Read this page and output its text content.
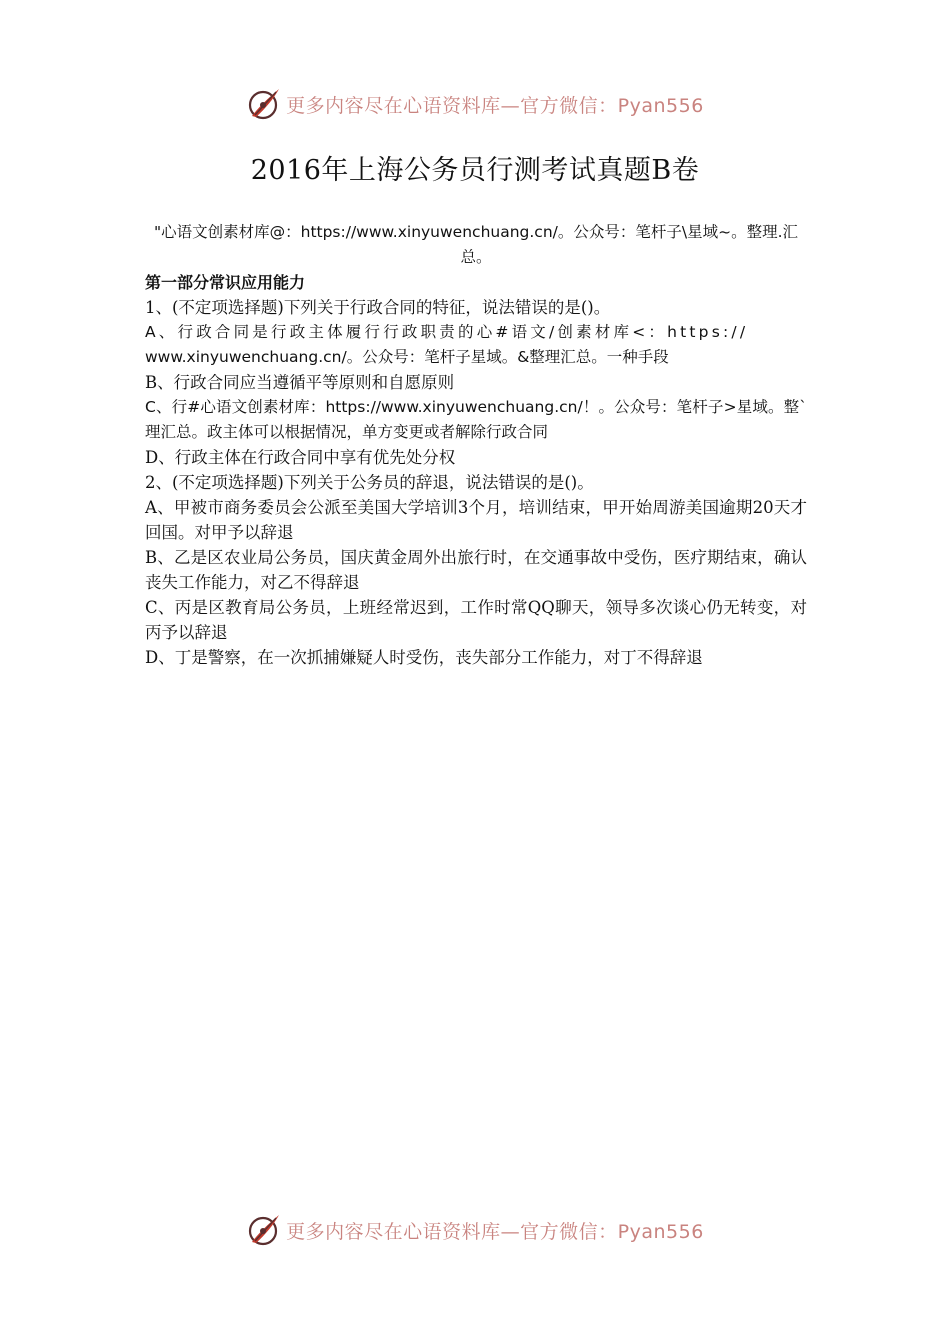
更多内容尽在心语资料库—官方微信：Pyan556
2016年上海公务员行测考试真题B卷

"心语文创素材库@：https://www.xinyuwenchuang.cn/。公众号：笔杆子\星域~。整理.汇总。

第一部分常识应用能力

1、(不定项选择题)下列关于行政合同的特征，说法错误的是()。

A、行政合同是行政主体履行行政职责的心#语文/创素材库<：https://

www.xinyuwenchuang.cn/。公众号：笔杆子星域。&整理汇总。一种手段

B、行政合同应当遵循平等原则和自愿原则

C、行#心语文创素材库：https://www.xinyuwenchuang.cn/！。公众号：笔杆子>星域。整`理汇总。政主体可以根据情况，单方变更或者解除行政合同

D、行政主体在行政合同中享有优先处分权

2、(不定项选择题)下列关于公务员的辞退，说法错误的是()。

A、甲被市商务委员会公派至美国大学培训3个月，培训结束，甲开始周游美国逾期20天才回国。对甲予以辞退

B、乙是区农业局公务员，国庆黄金周外出旅行时，在交通事故中受伤，医疗期结束，确认丧失工作能力，对乙不得辞退

C、丙是区教育局公务员，上班经常迟到，工作时常QQ聊天，领导多次谈心仍无转变，对丙予以辞退

D、丁是警察，在一次抓捕嫌疑人时受伤，丧失部分工作能力，对丁不得辞退

更多内容尽在心语资料库—官方微信：Pyan556
